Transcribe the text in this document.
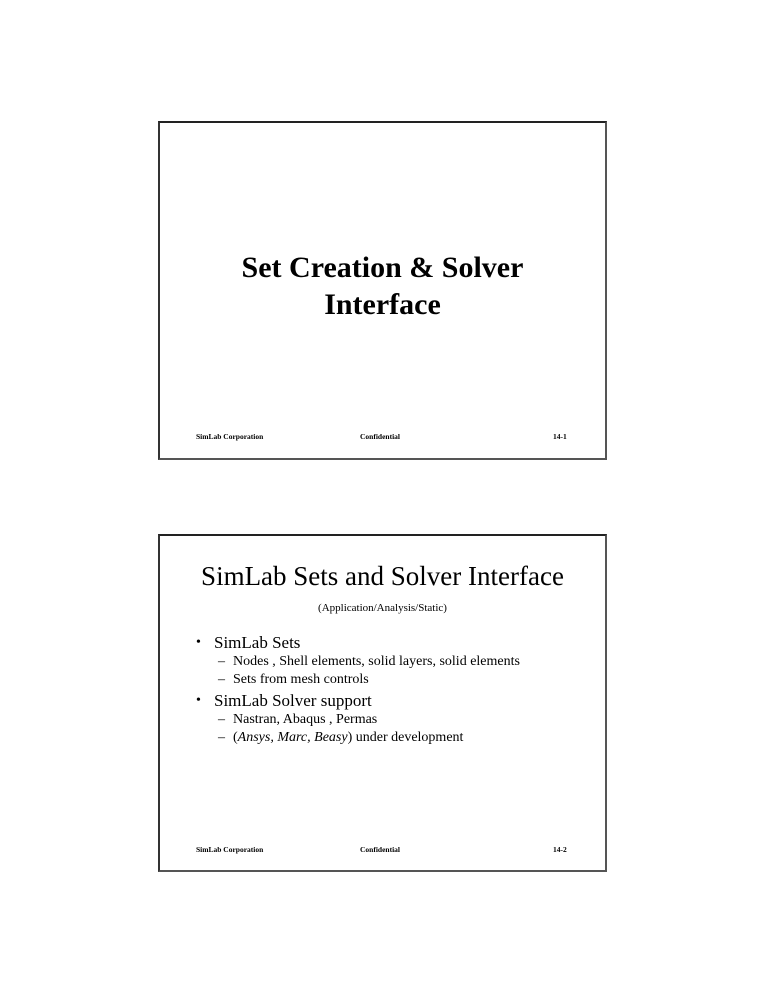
Set Creation & Solver
Interface
SimLab Corporation	Confidential	14-1
SimLab Sets and Solver Interface
(Application/Analysis/Static)
• SimLab Sets
– Nodes , Shell elements, solid layers, solid elements
– Sets from mesh controls
• SimLab Solver support
– Nastran, Abaqus , Permas
– (Ansys, Marc, Beasy) under development
SimLab Corporation	Confidential	14-2
